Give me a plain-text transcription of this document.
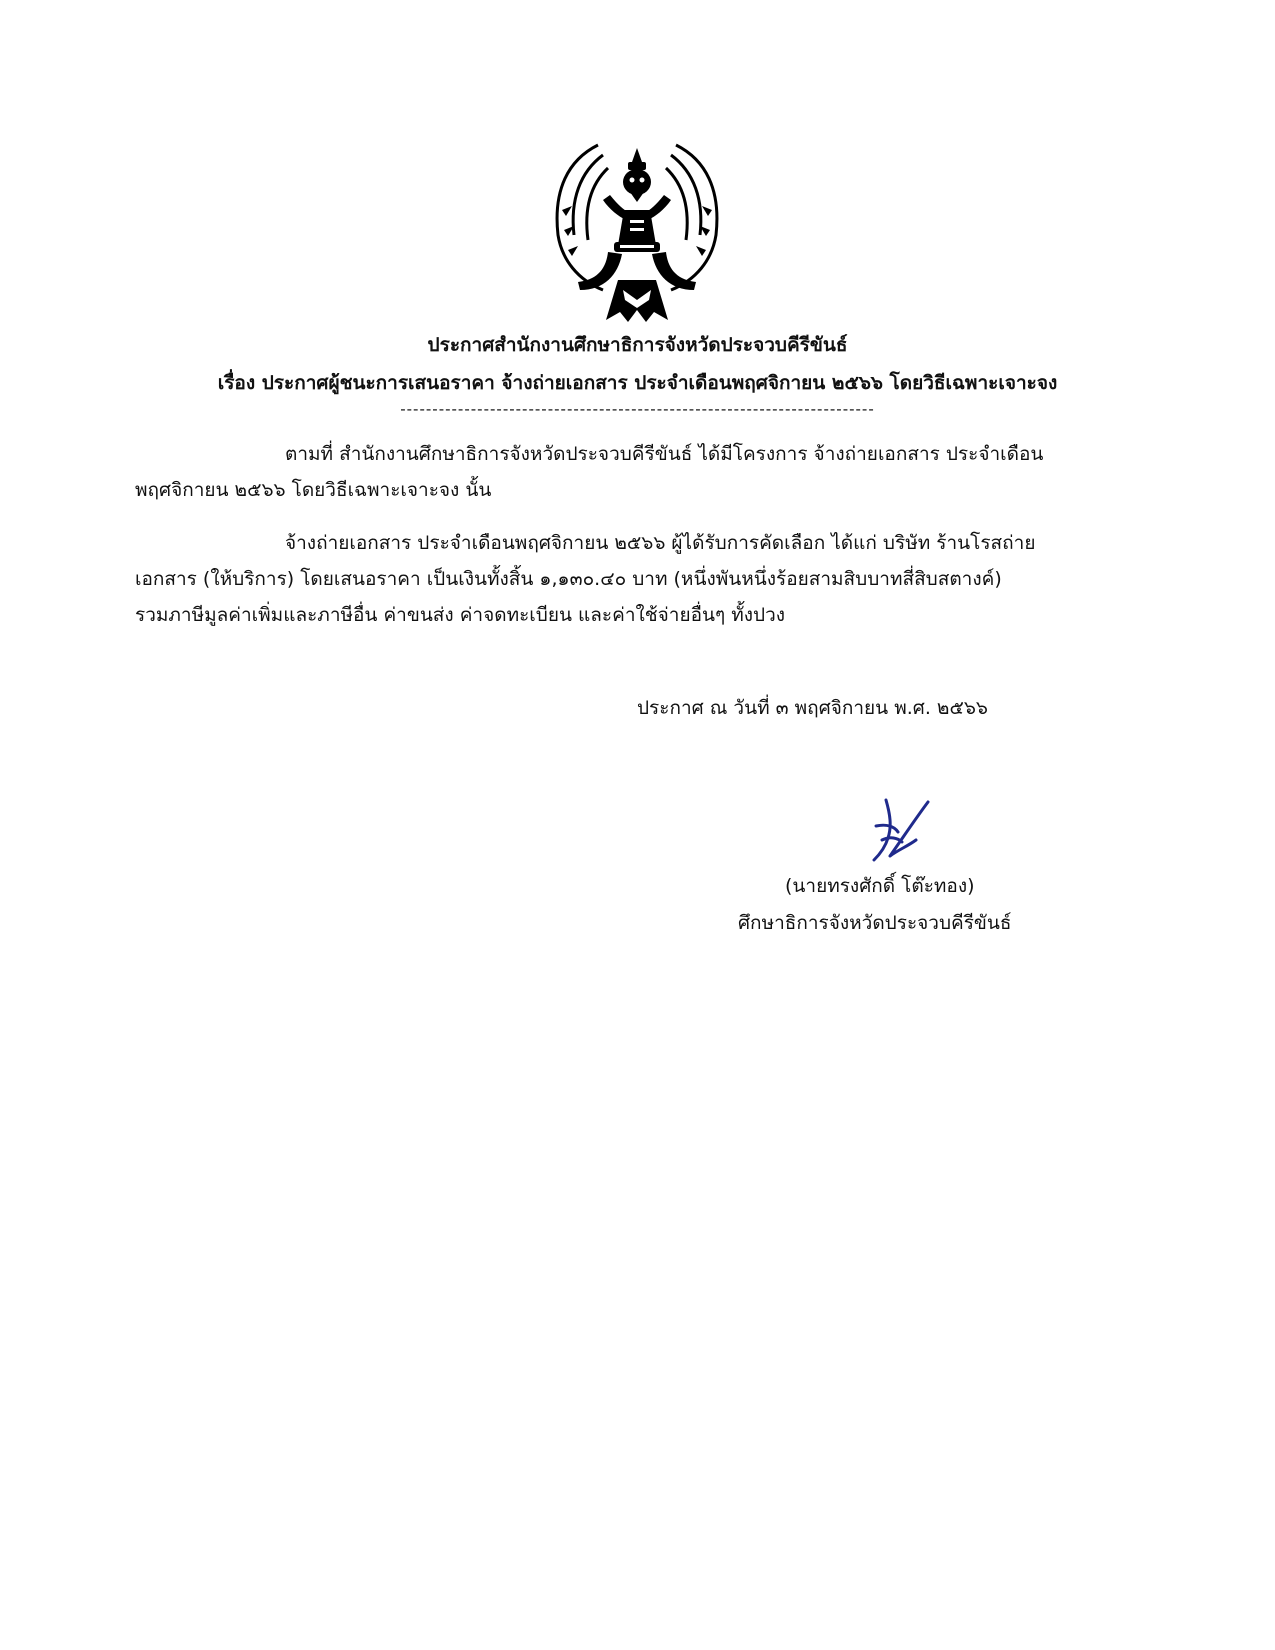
ประกาศสำนักงานศึกษาธิการจังหวัดประจวบคีรีขันธ์
เรื่อง ประกาศผู้ชนะการเสนอราคา จ้างถ่ายเอกสาร ประจำเดือนพฤศจิกายน ๒๕๖๖ โดยวิธีเฉพาะเจาะจง
--------------------------------------------------------------------------
ตามที่ สำนักงานศึกษาธิการจังหวัดประจวบคีรีขันธ์ ได้มีโครงการ จ้างถ่ายเอกสาร ประจำเดือน
พฤศจิกายน ๒๕๖๖ โดยวิธีเฉพาะเจาะจง นั้น
จ้างถ่ายเอกสาร ประจำเดือนพฤศจิกายน ๒๕๖๖ ผู้ได้รับการคัดเลือก ได้แก่ บริษัท ร้านโรสถ่าย
เอกสาร (ให้บริการ) โดยเสนอราคา เป็นเงินทั้งสิ้น ๑,๑๓๐.๔๐ บาท (หนึ่งพันหนึ่งร้อยสามสิบบาทสี่สิบสตางค์)
รวมภาษีมูลค่าเพิ่มและภาษีอื่น ค่าขนส่ง ค่าจดทะเบียน และค่าใช้จ่ายอื่นๆ ทั้งปวง
ประกาศ ณ วันที่ ๓ พฤศจิกายน พ.ศ. ๒๕๖๖
(นายทรงศักดิ์ โต๊ะทอง)
ศึกษาธิการจังหวัดประจวบคีรีขันธ์
